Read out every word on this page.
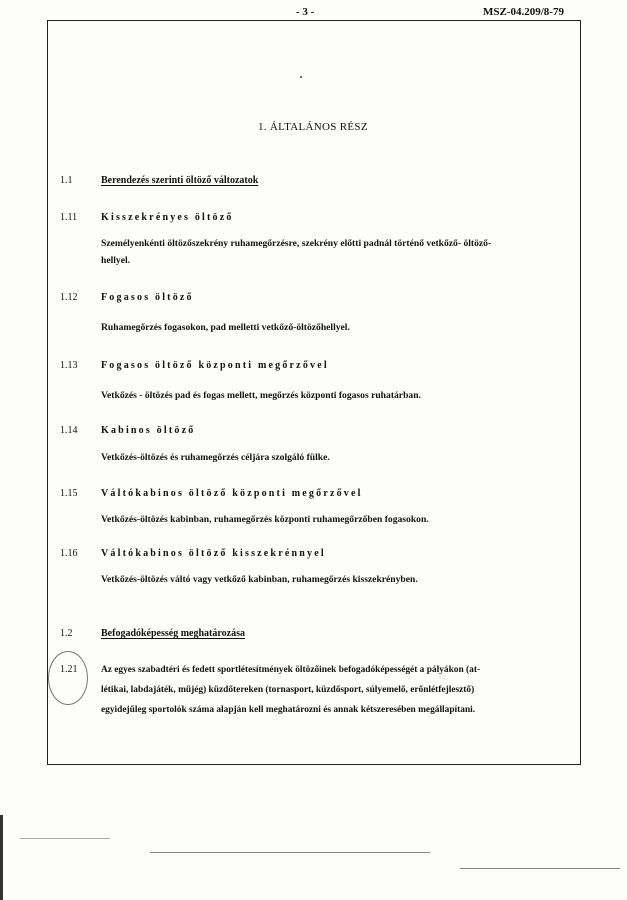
- 3 -	MSZ-04.209/8-79
1. ÁLTALÁNOS RÉSZ
1.1	Berendezés szerinti öltöző változatok
1.11 Kisszekrényes öltöző
Személyenkénti öltözőszekrény ruhamegőrzésre, szekrény előtti padnál történő vetkőző- öltöző-
hellyel.
1.12 Fogasos öltöző
Ruhamegőrzés fogasokon, pad melletti vetkőző-öltözőhellyel.
1.13 Fogasos öltöző központi megőrzővel
Vetkőzés - öltözés pad és fogas mellett, megőrzés központi fogasos ruhatárban.
1.14 Kabinos öltöző
Vetkőzés-öltözés és ruhamegőrzés céljára szolgáló fülke.
1.15 Váltókabinos öltöző központi megőrzővel
Vetkőzés-öltözés kabinban, ruhamegőrzés központi ruhamegőrzőben fogasokon.
1.16 Váltókabinos öltöző kisszekrénnyel
Vetkőzés-öltözés váltó vagy vetkőző kabinban, ruhamegőrzés kisszekrényben.
1.2	Befogadóképesség meghatározása
1.21	Az egyes szabadtéri és fedett sportlétesítmények öltözőinek befogadóképességét a pályákon (at-
létikai, labdajáték, műjég) küzdőtereken (tornasport, küzdősport, súlyemelő, erőnlétfejlesztő)
egyidejűleg sportolók száma alapján kell meghatározni és annak kétszeresében megállapítani.
